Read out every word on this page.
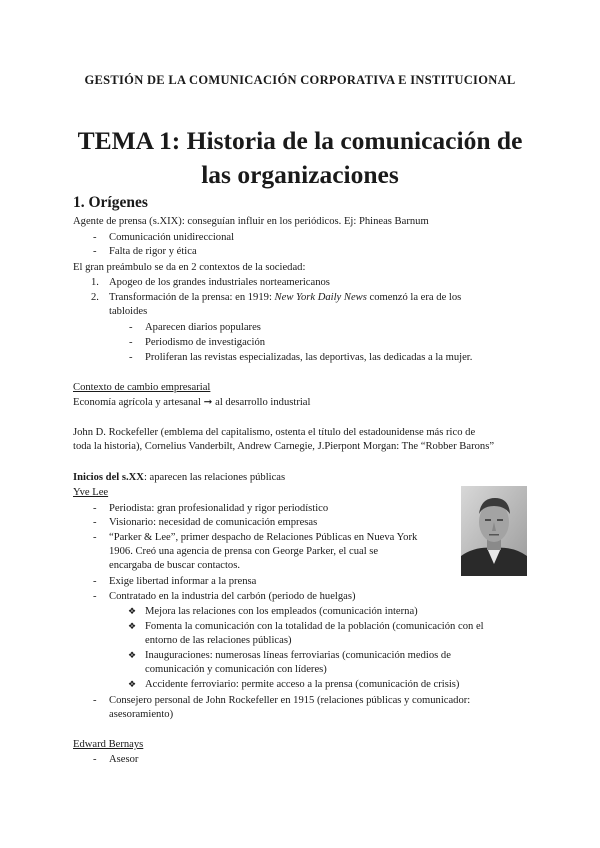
GESTIÓN DE LA COMUNICACIÓN CORPORATIVA E INSTITUCIONAL
TEMA 1: Historia de la comunicación de
las organizaciones
1. Orígenes
Agente de prensa (s.XIX): conseguían influir en los periódicos. Ej: Phineas Barnum
- Comunicación unidireccional
- Falta de rigor y ética
El gran preámbulo se da en 2 contextos de la sociedad:
1. Apogeo de los grandes industriales norteamericanos
2. Transformación de la prensa: en 1919: New York Daily News comenzó la era de los
tabloides
- Aparecen diarios populares
- Periodismo de investigación
- Proliferan las revistas especializadas, las deportivas, las dedicadas a la mujer.
Contexto de cambio empresarial
Economía agrícola y artesanal ➞ al desarrollo industrial
John D. Rockefeller (emblema del capitalismo, ostenta el título del estadounidense más rico de
toda la historia), Cornelius Vanderbilt, Andrew Carnegie, J.Pierpont Morgan: The “Robber Barons”
Inicios del s.XX: aparecen las relaciones públicas
Yve Lee
- Periodista: gran profesionalidad y rigor periodístico
- Visionario: necesidad de comunicación empresas
- “Parker & Lee”, primer despacho de Relaciones Públicas en Nueva York
1906. Creó una agencia de prensa con George Parker, el cual se
encargaba de buscar contactos.
- Exige libertad informar a la prensa
- Contratado en la industria del carbón (periodo de huelgas)
❖ Mejora las relaciones con los empleados (comunicación interna)
❖ Fomenta la comunicación con la totalidad de la población (comunicación con el
entorno de las relaciones públicas)
❖ Inauguraciones: numerosas líneas ferroviarias (comunicación medios de
comunicación y comunicación con líderes)
❖ Accidente ferroviario: permite acceso a la prensa (comunicación de crisis)
- Consejero personal de John Rockefeller en 1915 (relaciones públicas y comunicador:
asesoramiento)
Edward Bernays
- Asesor
